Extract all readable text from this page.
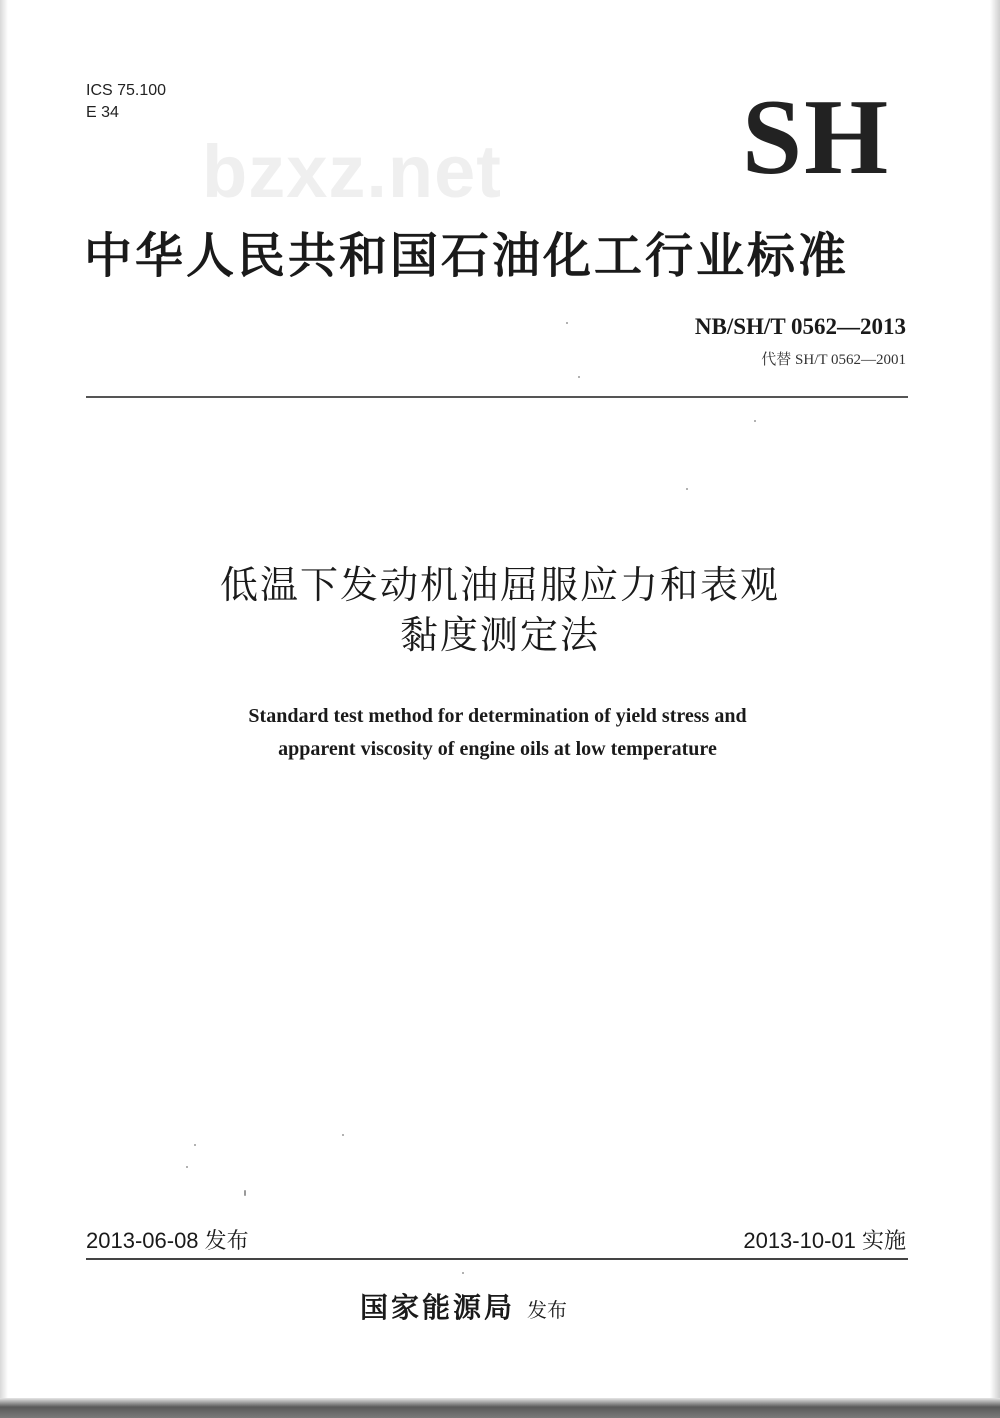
ICS 75.100
E 34
bzxz.net SH
中华人民共和国石油化工行业标准
NB/SH/T 0562—2013
代替 SH/T 0562—2001
低温下发动机油屈服应力和表观
黏度测定法
Standard test method for determination of yield stress and
apparent viscosity of engine oils at low temperature
2013-06-08 发布	2013-10-01 实施
国家能源局 发布
